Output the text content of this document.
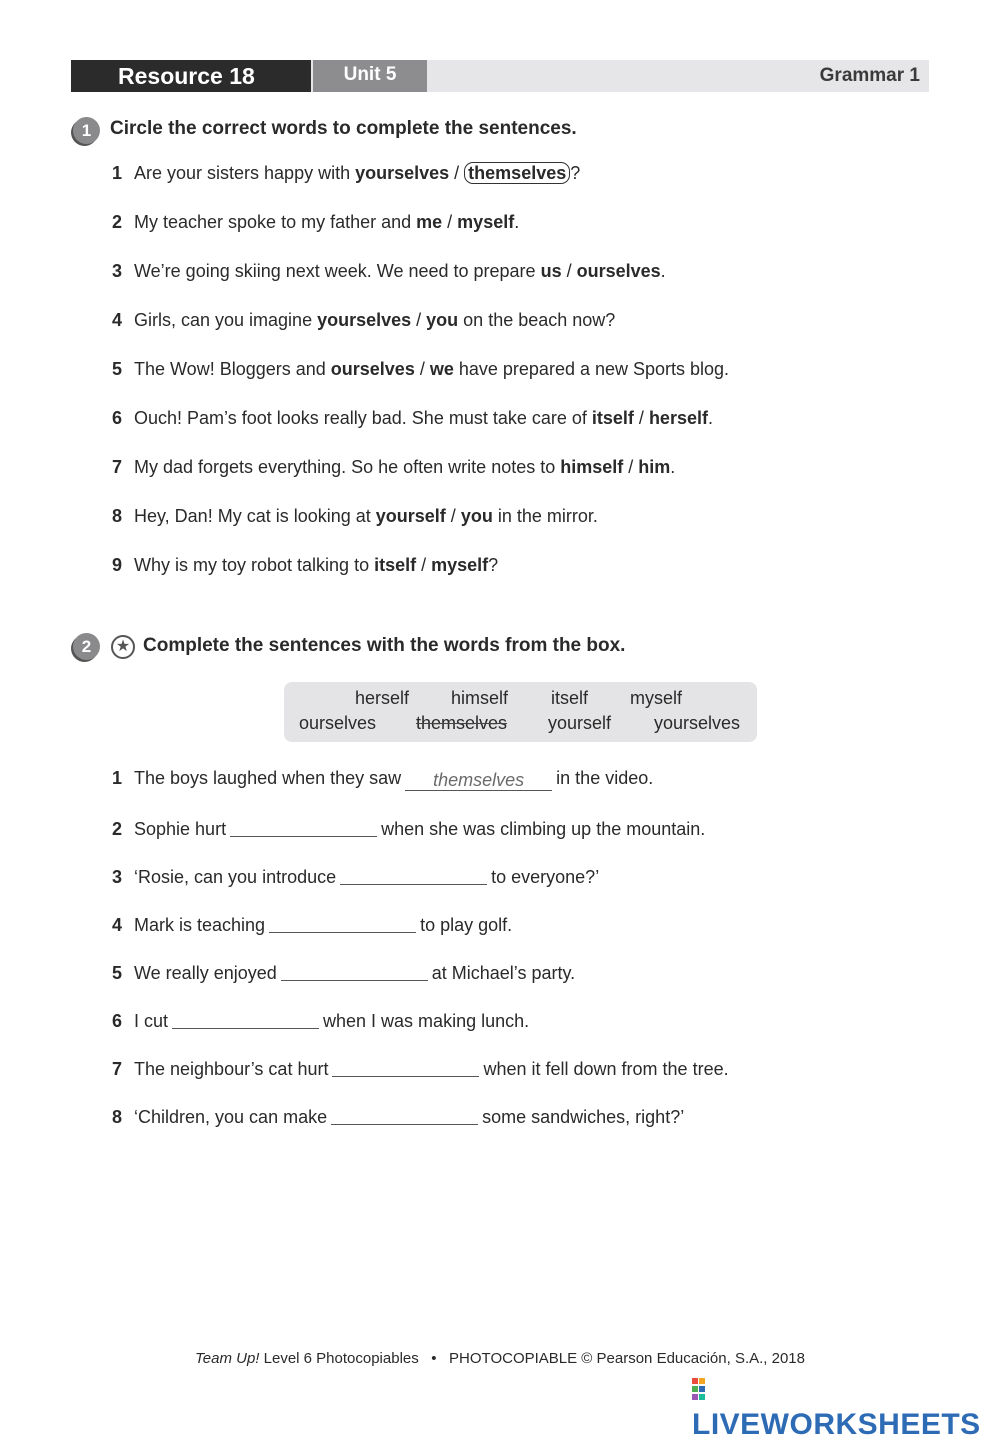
Resource 18	Unit 5	Grammar 1
1 Circle the correct words to complete the sentences.
1 Are your sisters happy with yourselves / themselves ?
2 My teacher spoke to my father and me / myself.
3 We’re going skiing next week. We need to prepare us / ourselves.
4 Girls, can you imagine yourselves / you on the beach now?
5 The Wow! Bloggers and ourselves / we have prepared a new Sports blog.
6 Ouch! Pam’s foot looks really bad. She must take care of itself / herself.
7 My dad forgets everything. So he often write notes to himself / him.
8 Hey, Dan! My cat is looking at yourself / you in the mirror.
9 Why is my toy robot talking to itself / myself?
2	★ Complete the sentences with the words from the box.
herself himself itself myself
ourselves themselves yourself yourselves
1 The boys laughed when they saw themselves in the video.
2 Sophie hurt	when she was climbing up the mountain.
3 ‘Rosie, can you introduce	to everyone?’
4 Mark is teaching	to play golf.
5 We really enjoyed	at Michael’s party.
6 I cut	when I was making lunch.
7 The neighbour’s cat hurt	when it fell down from the tree.
8 ‘Children, you can make	some sandwiches, right?’
Team Up! Level 6 Photocopiables • PHOTOCOPIABLE © Pearson Educación, S.A., 2018
LIVEWORKSHEETS
